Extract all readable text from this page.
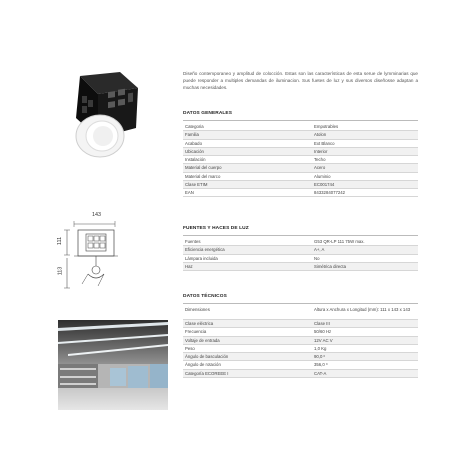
143
111
113
Diseño contemporaneo y amplitud de colocción. Estas son las características de esta serue de lymminarias que puede responder a multiples demandas de iluminacion. Sus fuetes de luz y sus diversos diseñosse adaptan a muchas necesidades.
DATOS GENERALES
Categoria	Empotrables
Familia	Atolon
Acabado	Ext Blanco
Ubicación	Interior
Instalación	Techo
Material del cuerpo	Acero
Material del marco	Aluminio
Clase ETIM	EC001744
EAN	8433284077242
FUENTES Y HACES DE LUZ
Fuentes	G53 QR-LP 111 75W max.
Eficiencia energética	A+, A
Lámpara incluida	No
Haz	Simétrica directa
DATOS TÉCNICOS
Dimensiones	Altura x Anchura x Longitud (mm): 111 x 143 x 143
Clase eléctrica	Clase III
Frecuencia	50/60 Hz
Voltaje de entrada	12V AC V
Peso	1,0 Kg
Ángulo de basculación	90,0 º
Ángulo de rotación	356,0 º
Categoría ECOREEE I	CAT-A
